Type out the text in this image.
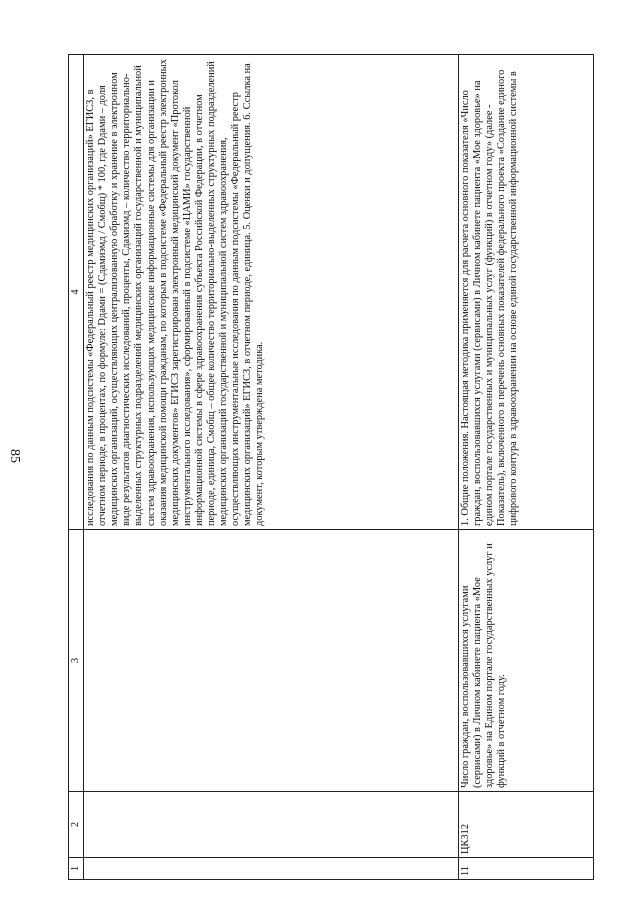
85
1	2	3	4
			исследования по данным подсистемы «Федеральный реестр медицинских организаций» ЕГИСЗ, в отчетном периоде, в процентах, по формуле: Dдами = (Cдамиэмд / Cмобщ) * 100, где Dдами – доля медицинских организаций, осуществляющих централизованную обработку и хранение в электронном виде результатов диагностических исследований, проценты, Cдамиэмд – количество территориально-выделенных структурных подразделений медицинских организаций государственной и муниципальной систем здравоохранения, использующих медицинские информационные системы для организации и оказания медицинской помощи гражданам, по которым в подсистеме «Федеральный реестр электронных медицинских документов» ЕГИСЗ зарегистрирован электронный медицинский документ «Протокол инструментального исследования», сформированный в подсистеме «ЦАМИ» государственной информационной системы в сфере здравоохранения субъекта Российской Федерации, в отчетном периоде, единица, Cмобщ – общее количество территориально-выделенных структурных подразделений медицинских организаций государственной и муниципальной систем здравоохранения, осуществляющих инструментальные исследования по данным подсистемы «Федеральный реестр медицинских организаций» ЕГИСЗ, в отчетном периоде, единица. 5. Оценки и допущения. 6. Ссылка на документ, которым утверждена методика.
11	ЦК312	Число граждан, воспользовавшихся услугами (сервисами) в Личном кабинете пациента «Мое здоровье» на Едином портале государственных услуг и функций в отчетном году.	1. Общие положения. Настоящая методика применяется для расчета основного показателя «Число граждан, воспользовавшихся услугами (сервисами) в Личном кабинете пациента «Мое здоровье» на едином портале государственных и муниципальных услуг (функций) в отчетном году» (далее - Показатель), включенного в перечень основных показателей федерального проекта «Создание единого цифрового контура в здравоохранении на основе единой государственной информационной системы в
